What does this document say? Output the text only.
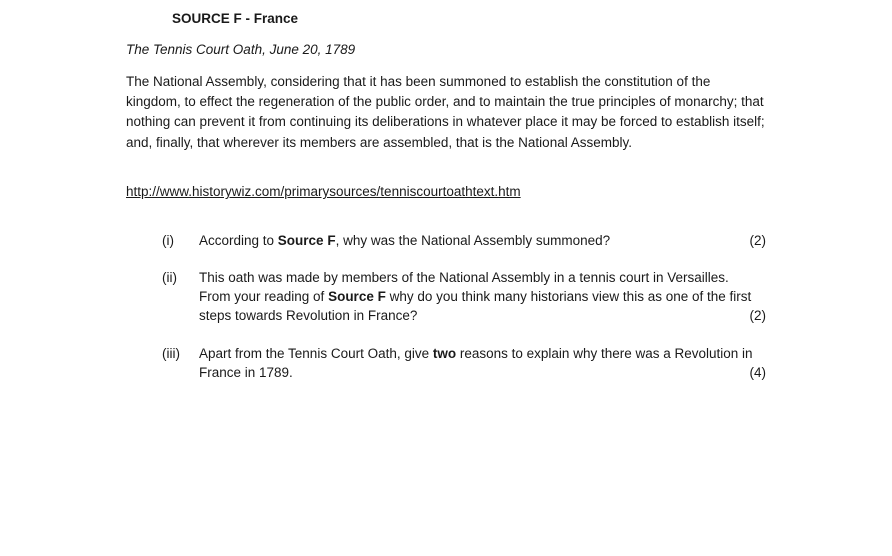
SOURCE F - France
The Tennis Court Oath, June 20, 1789
The National Assembly, considering that it has been summoned to establish the constitution of the kingdom, to effect the regeneration of the public order, and to maintain the true principles of monarchy; that nothing can prevent it from continuing its deliberations in whatever place it may be forced to establish itself; and, finally, that wherever its members are assembled, that is the National Assembly.
http://www.historywiz.com/primarysources/tenniscourtoathtext.htm
(i) According to Source F, why was the National Assembly summoned?	(2)
(ii) This oath was made by members of the National Assembly in a tennis court in Versailles.
From your reading of Source F why do you think many historians view this as one of the first steps towards Revolution in France?	(2)
(iii) Apart from the Tennis Court Oath, give two reasons to explain why there was a Revolution in France in 1789.	(4)
